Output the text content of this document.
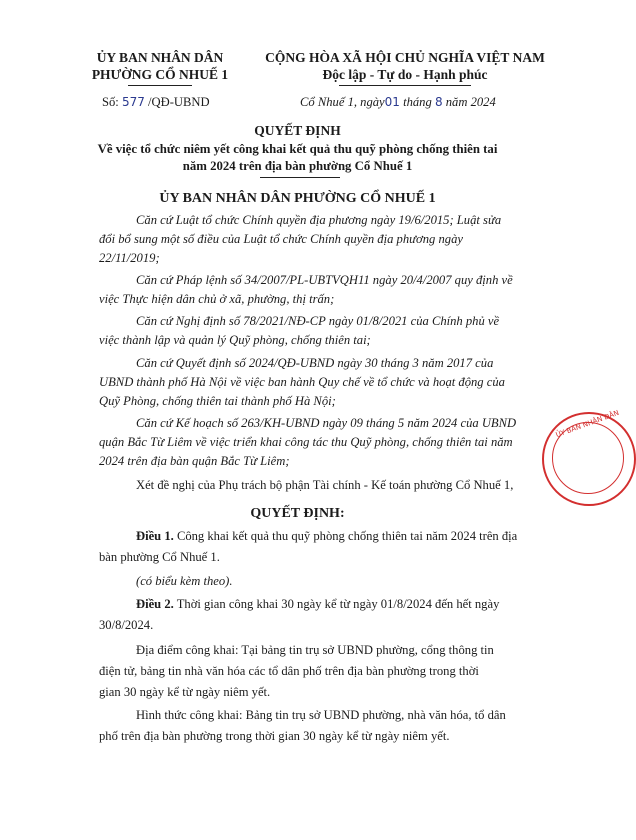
ỦY BAN NHÂN DÂN
PHƯỜNG CỔ NHUẾ 1
Số: 577 /QĐ-UBND
CỘNG HÒA XÃ HỘI CHỦ NGHĨA VIỆT NAM
Độc lập - Tự do - Hạnh phúc
Cổ Nhuế 1, ngày01 tháng 8 năm 2024
QUYẾT ĐỊNH
Về việc tổ chức niêm yết công khai kết quả thu quỹ phòng chống thiên tai
năm 2024 trên địa bàn phường Cổ Nhuế 1
ỦY BAN NHÂN DÂN PHƯỜNG CỔ NHUẾ 1
Căn cứ Luật tổ chức Chính quyền địa phương ngày 19/6/2015; Luật sửa
đổi bổ sung một số điều của Luật tổ chức Chính quyền địa phương ngày
22/11/2019;
Căn cứ Pháp lệnh số 34/2007/PL-UBTVQH11 ngày 20/4/2007 quy định về
việc Thực hiện dân chủ ở xã, phường, thị trấn;
Căn cứ Nghị định số 78/2021/NĐ-CP ngày 01/8/2021 của Chính phủ về
việc thành lập và quản lý Quỹ phòng, chống thiên tai;
Căn cứ Quyết định số 2024/QĐ-UBND ngày 30 tháng 3 năm 2017 của
UBND thành phố Hà Nội về việc ban hành Quy chế về tổ chức và hoạt động của
Quỹ Phòng, chống thiên tai thành phố Hà Nội;
Căn cứ Kế hoạch số 263/KH-UBND ngày 09 tháng 5 năm 2024 của UBND
quận Bắc Từ Liêm về việc triển khai công tác thu Quỹ phòng, chống thiên tai năm
2024 trên địa bàn quận Bắc Từ Liêm;
Xét đề nghị của Phụ trách bộ phận Tài chính - Kế toán phường Cổ Nhuế 1,
QUYẾT ĐỊNH:
Điều 1. Công khai kết quả thu quỹ phòng chống thiên tai năm 2024 trên địa
bàn phường Cổ Nhuế 1.
(có biểu kèm theo).
Điều 2. Thời gian công khai 30 ngày kể từ ngày 01/8/2024 đến hết ngày
30/8/2024.
Địa điểm công khai: Tại bảng tin trụ sở UBND phường, cổng thông tin
điện tử, bảng tin nhà văn hóa các tổ dân phố trên địa bàn phường trong thời
gian 30 ngày kể từ ngày niêm yết.
Hình thức công khai: Bảng tin trụ sở UBND phường, nhà văn hóa, tổ dân
phố trên địa bàn phường trong thời gian 30 ngày kể từ ngày niêm yết.
ỦY BAN NHÂN DÂN
